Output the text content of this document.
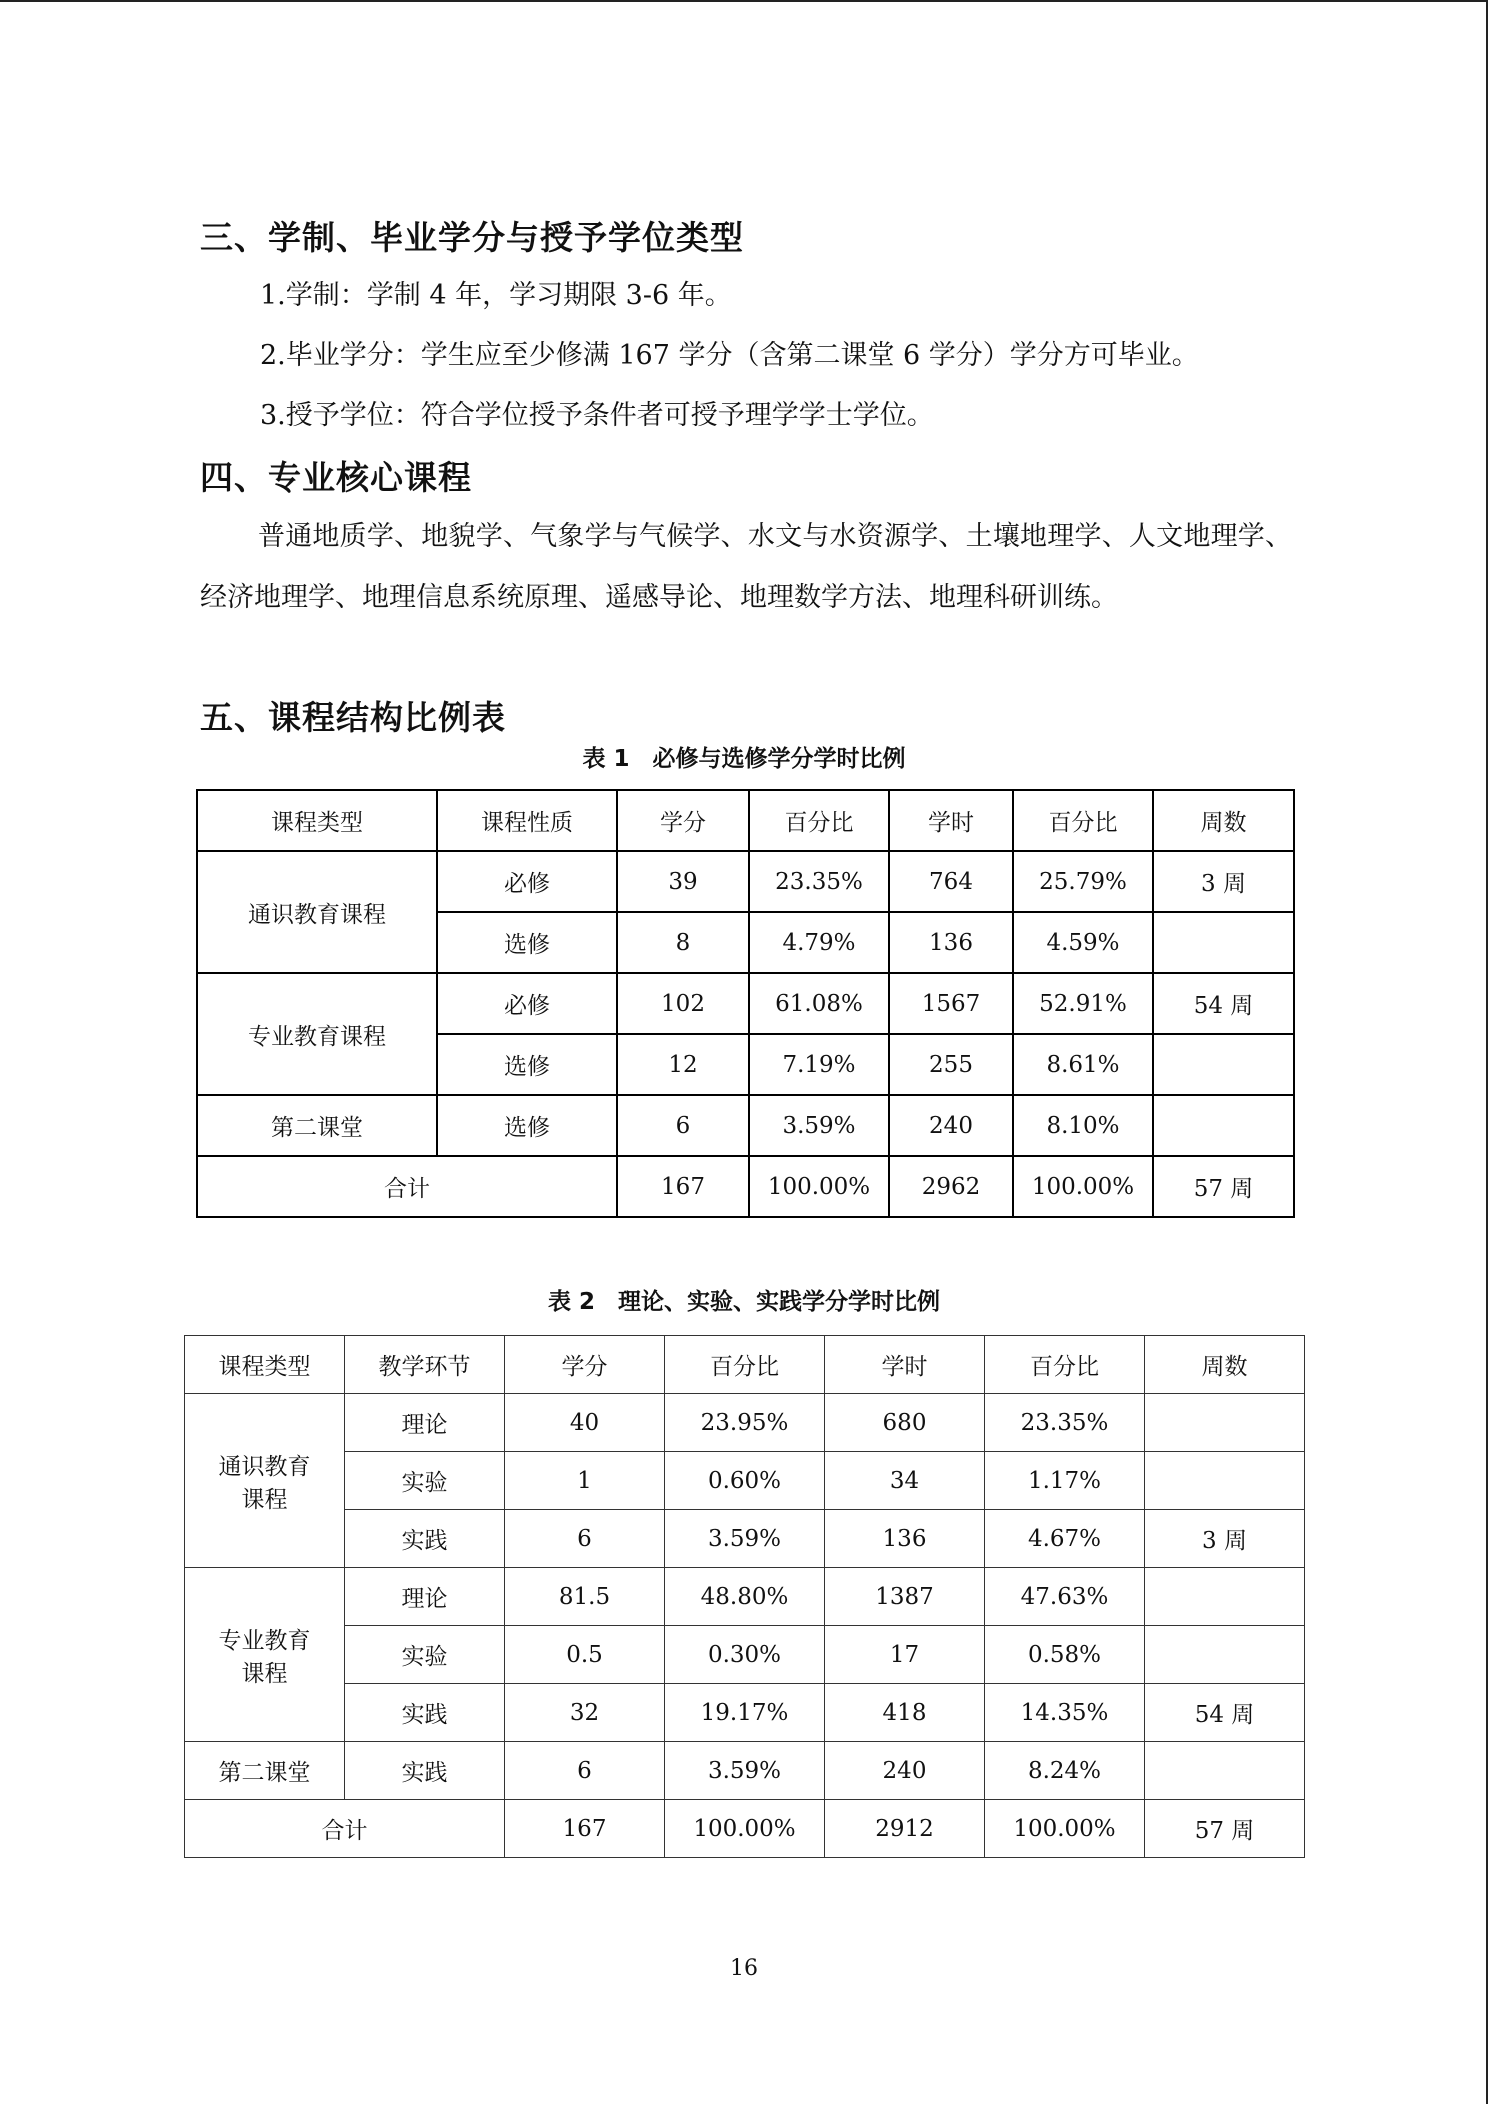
三、学制、毕业学分与授予学位类型

1.学制：学制 4 年，学习期限 3-6 年。

2.毕业学分：学生应至少修满 167 学分（含第二课堂 6 学分）学分方可毕业。

3.授予学位：符合学位授予条件者可授予理学学士学位。

四、专业核心课程

普通地质学、地貌学、气象学与气候学、水文与水资源学、土壤地理学、人文地理学、经济地理学、地理信息系统原理、遥感导论、地理数学方法、地理科研训练。

五、课程结构比例表

表 1　必修与选修学分学时比例

课程类型	课程性质	学分	百分比	学时	百分比	周数
通识教育课程	必修	39	23.35%	764	25.79%	3 周
	选修	8	4.79%	136	4.59%	
专业教育课程	必修	102	61.08%	1567	52.91%	54 周
	选修	12	7.19%	255	8.61%	
第二课堂	选修	6	3.59%	240	8.10%	
合计		167	100.00%	2962	100.00%	57 周

表 2　理论、实验、实践学分学时比例

课程类型	教学环节	学分	百分比	学时	百分比	周数

通识教育
课程	理论	40	23.95%	680	23.35%	
	实验	1	0.60%	34	1.17%	
	实践	6	3.59%	136	4.67%	3 周

专业教育
课程	理论	81.5	48.80%	1387	47.63%	
	实验	0.5	0.30%	17	0.58%	
	实践	32	19.17%	418	14.35%	54 周
第二课堂	实践	6	3.59%	240	8.24%	
合计		167	100.00%	2912	100.00%	57 周
16
